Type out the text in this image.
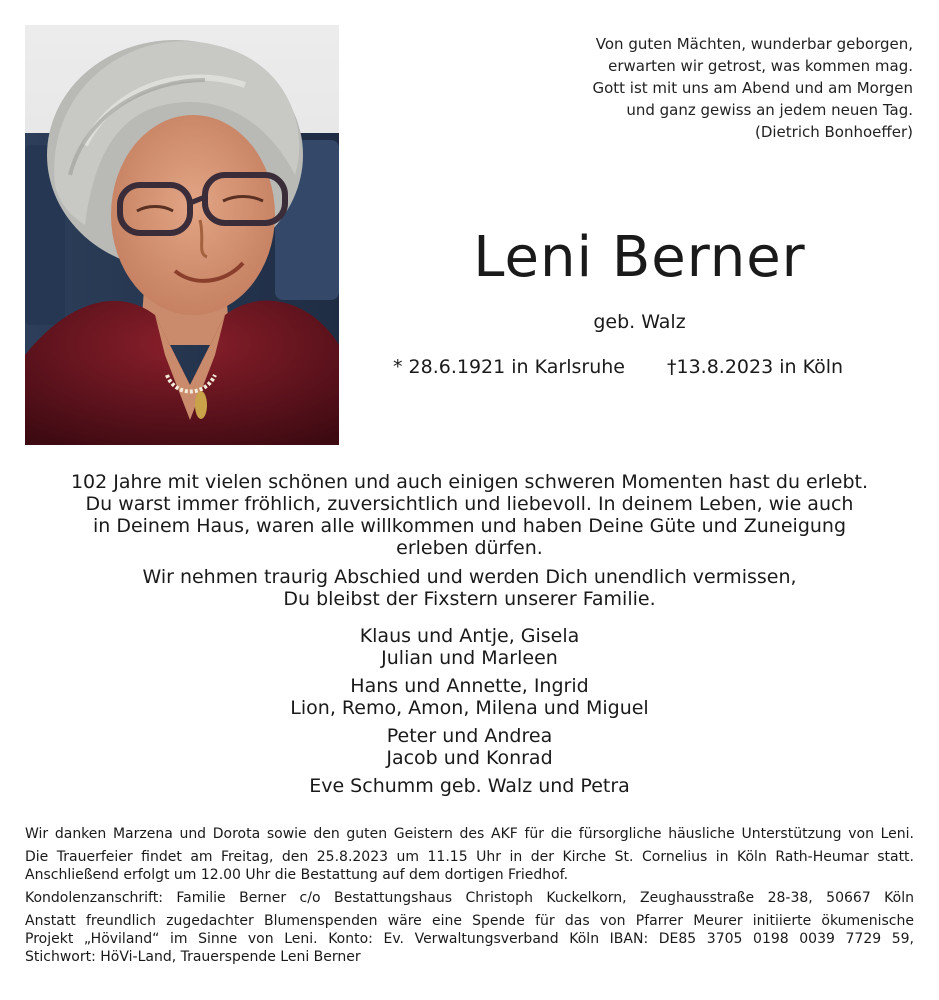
Von guten Mächten, wunderbar geborgen,
erwarten wir getrost, was kommen mag.
Gott ist mit uns am Abend und am Morgen
und ganz gewiss an jedem neuen Tag.
(Dietrich Bonhoeffer)
Leni Berner
geb. Walz
* 28.6.1921 in Karlsruhe †13.8.2023 in Köln
102 Jahre mit vielen schönen und auch einigen schweren Momenten hast du erlebt.
Du warst immer fröhlich, zuversichtlich und liebevoll. In deinem Leben, wie auch
in Deinem Haus, waren alle willkommen und haben Deine Güte und Zuneigung
erleben dürfen.
Wir nehmen traurig Abschied und werden Dich unendlich vermissen,
Du bleibst der Fixstern unserer Familie.
Klaus und Antje, Gisela
Julian und Marleen
Hans und Annette, Ingrid
Lion, Remo, Amon, Milena und Miguel
Peter und Andrea
Jacob und Konrad
Eve Schumm geb. Walz und Petra

Wir danken Marzena und Dorota sowie den guten Geistern des AKF für die fürsorgliche häusliche Unterstützung von Leni.

Die Trauerfeier findet am Freitag, den 25.8.2023 um 11.15 Uhr in der Kirche St. Cornelius in Köln Rath-Heumar statt.
Anschließend erfolgt um 12.00 Uhr die Bestattung auf dem dortigen Friedhof.

Kondolenzanschrift: Familie Berner c/o Bestattungshaus Christoph Kuckelkorn, Zeughausstraße 28-38, 50667 Köln

Anstatt freundlich zugedachter Blumenspenden wäre eine Spende für das von Pfarrer Meurer initiierte ökumenische
Projekt „Höviland“ im Sinne von Leni. Konto: Ev. Verwaltungsverband Köln IBAN: DE85 3705 0198 0039 7729 59,
Stichwort: HöVi-Land, Trauerspende Leni Berner
